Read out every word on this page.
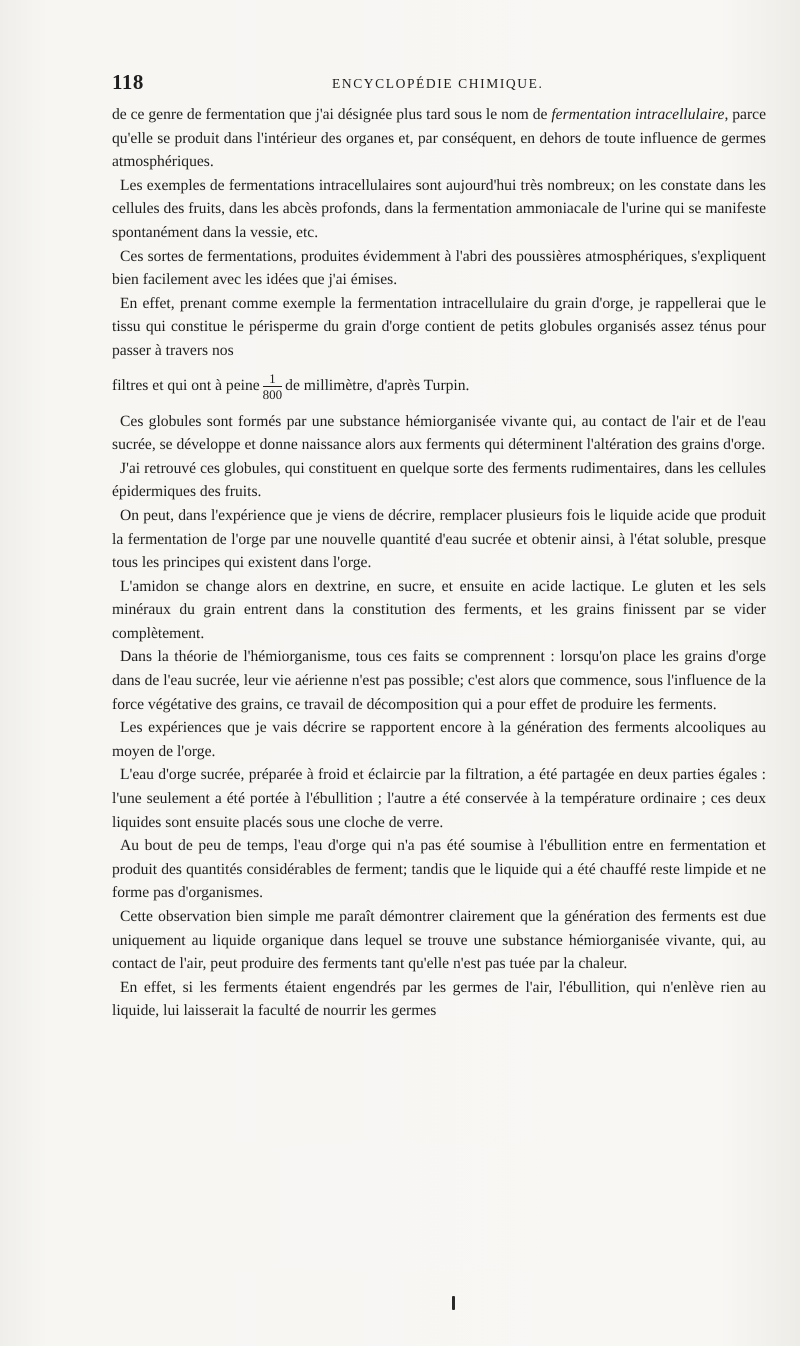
118	ENCYCLOPÉDIE CHIMIQUE.

de ce genre de fermentation que j'ai désignée plus tard sous le nom de fermentation intracellulaire, parce qu'elle se produit dans l'intérieur des organes et, par conséquent, en dehors de toute influence de germes atmosphériques.

Les exemples de fermentations intracellulaires sont aujourd'hui très nombreux; on les constate dans les cellules des fruits, dans les abcès profonds, dans la fermentation ammoniacale de l'urine qui se manifeste spontanément dans la vessie, etc.

Ces sortes de fermentations, produites évidemment à l'abri des poussières atmosphériques, s'expliquent bien facilement avec les idées que j'ai émises.

En effet, prenant comme exemple la fermentation intracellulaire du grain d'orge, je rappellerai que le tissu qui constitue le périsperme du grain d'orge contient de petits globules organisés assez ténus pour passer à travers nos

filtres et qui ont à peine $\frac{1}{800}$ de millimètre, d'après Turpin.

Ces globules sont formés par une substance hémiorganisée vivante qui, au contact de l'air et de l'eau sucrée, se développe et donne naissance alors aux ferments qui déterminent l'altération des grains d'orge.

J'ai retrouvé ces globules, qui constituent en quelque sorte des ferments rudimentaires, dans les cellules épidermiques des fruits.

On peut, dans l'expérience que je viens de décrire, remplacer plusieurs fois le liquide acide que produit la fermentation de l'orge par une nouvelle quantité d'eau sucrée et obtenir ainsi, à l'état soluble, presque tous les principes qui existent dans l'orge.

L'amidon se change alors en dextrine, en sucre, et ensuite en acide lactique. Le gluten et les sels minéraux du grain entrent dans la constitution des ferments, et les grains finissent par se vider complètement.

Dans la théorie de l'hémiorganisme, tous ces faits se comprennent : lorsqu'on place les grains d'orge dans de l'eau sucrée, leur vie aérienne n'est pas possible; c'est alors que commence, sous l'influence de la force végétative des grains, ce travail de décomposition qui a pour effet de produire les ferments.

Les expériences que je vais décrire se rapportent encore à la génération des ferments alcooliques au moyen de l'orge.

L'eau d'orge sucrée, préparée à froid et éclaircie par la filtration, a été partagée en deux parties égales : l'une seulement a été portée à l'ébullition ; l'autre a été conservée à la température ordinaire ; ces deux liquides sont ensuite placés sous une cloche de verre.

Au bout de peu de temps, l'eau d'orge qui n'a pas été soumise à l'ébullition entre en fermentation et produit des quantités considérables de ferment; tandis que le liquide qui a été chauffé reste limpide et ne forme pas d'organismes.

Cette observation bien simple me paraît démontrer clairement que la génération des ferments est due uniquement au liquide organique dans lequel se trouve une substance hémiorganisée vivante, qui, au contact de l'air, peut produire des ferments tant qu'elle n'est pas tuée par la chaleur.

En effet, si les ferments étaient engendrés par les germes de l'air, l'ébullition, qui n'enlève rien au liquide, lui laisserait la faculté de nourrir les germes
